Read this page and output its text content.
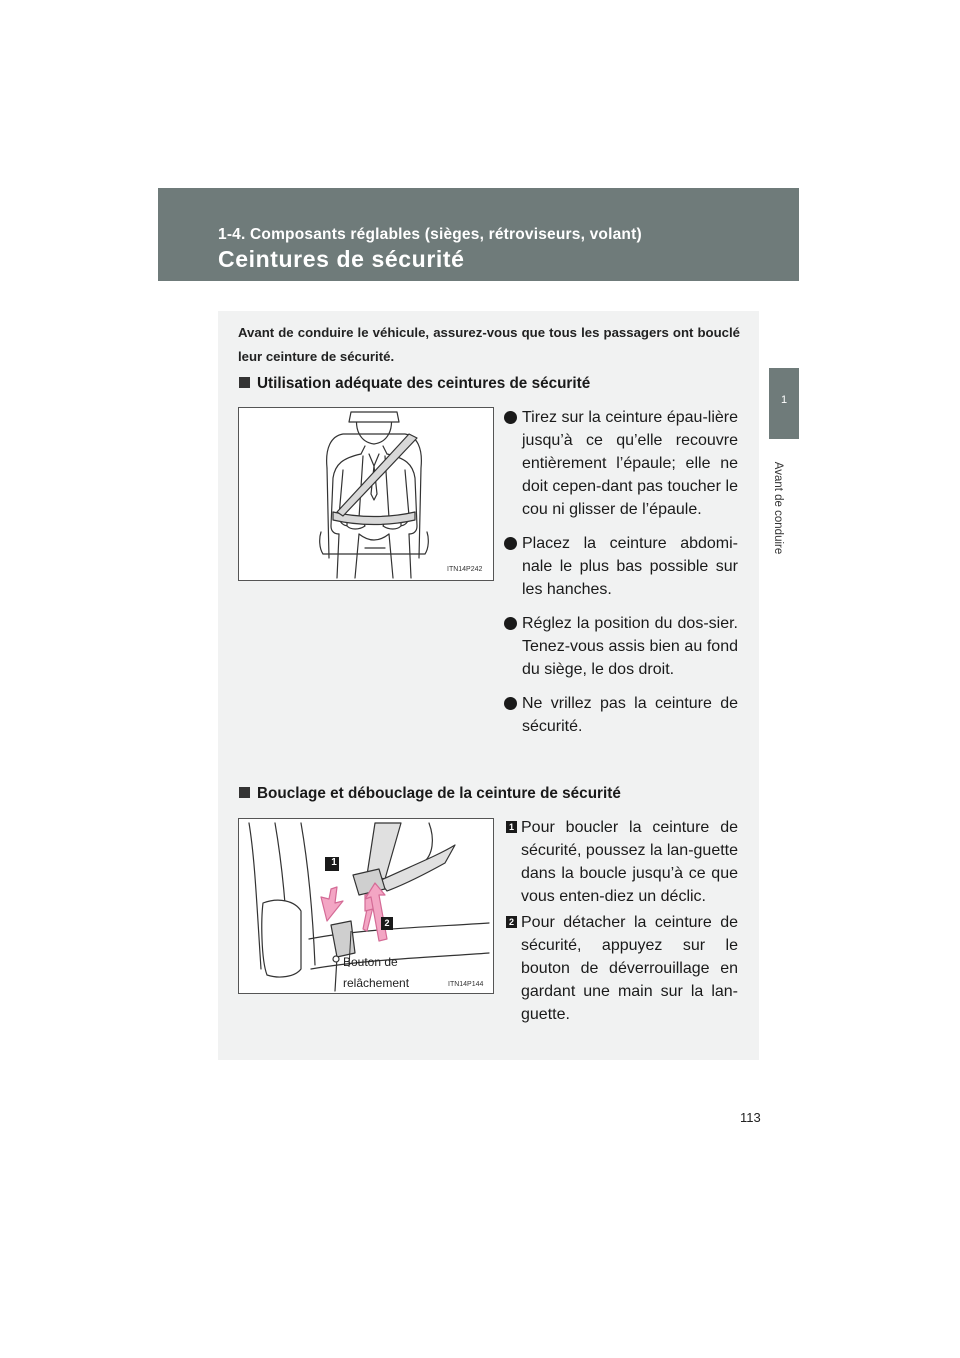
1-4. Composants réglables (sièges, rétroviseurs, volant)
Ceintures de sécurité
1
Avant de conduire
Avant de conduire le véhicule, assurez-vous que tous les passagers ont bouclé leur ceinture de sécurité.
Utilisation adéquate des ceintures de sécurité
ITN14P242
Tirez sur la ceinture épau-lière jusqu’à ce qu’elle recouvre entièrement l’épaule; elle ne doit cepen-dant pas toucher le cou ni glisser de l’épaule.
Placez la ceinture abdomi-nale le plus bas possible sur les hanches.
Réglez la position du dos-sier. Tenez-vous assis bien au fond du siège, le dos droit.
Ne vrillez pas la ceinture de sécurité.
Bouclage et débouclage de la ceinture de sécurité
ITN14P144
1
2
Bouton de
relâchement
1 Pour boucler la ceinture de sécurité, poussez la lan-guette dans la boucle jusqu’à ce que vous enten-diez un déclic.
2 Pour détacher la ceinture de sécurité, appuyez sur le bouton de déverrouillage en gardant une main sur la lan-guette.
113
